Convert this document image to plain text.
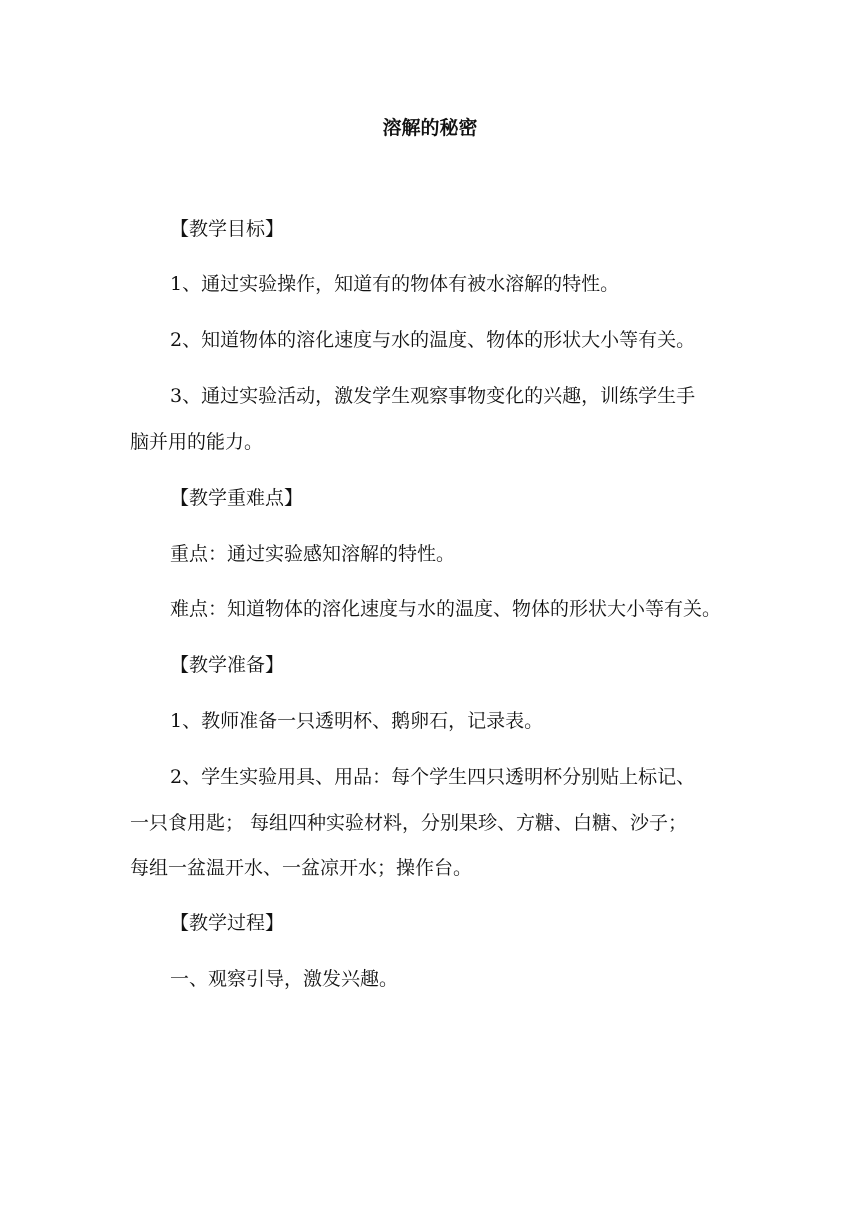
溶解的秘密
【教学目标】
1、通过实验操作，知道有的物体有被水溶解的特性。
2、知道物体的溶化速度与水的温度、物体的形状大小等有关。
3、通过实验活动，激发学生观察事物变化的兴趣，训练学生手
脑并用的能力。
【教学重难点】
重点：通过实验感知溶解的特性。
难点：知道物体的溶化速度与水的温度、物体的形状大小等有关。
【教学准备】
1、教师准备一只透明杯、鹅卵石，记录表。
2、学生实验用具、用品：每个学生四只透明杯分别贴上标记、
一只食用匙； 每组四种实验材料，分别果珍、方糖、白糖、沙子；
每组一盆温开水、一盆凉开水；操作台。
【教学过程】
一、观察引导，激发兴趣。
